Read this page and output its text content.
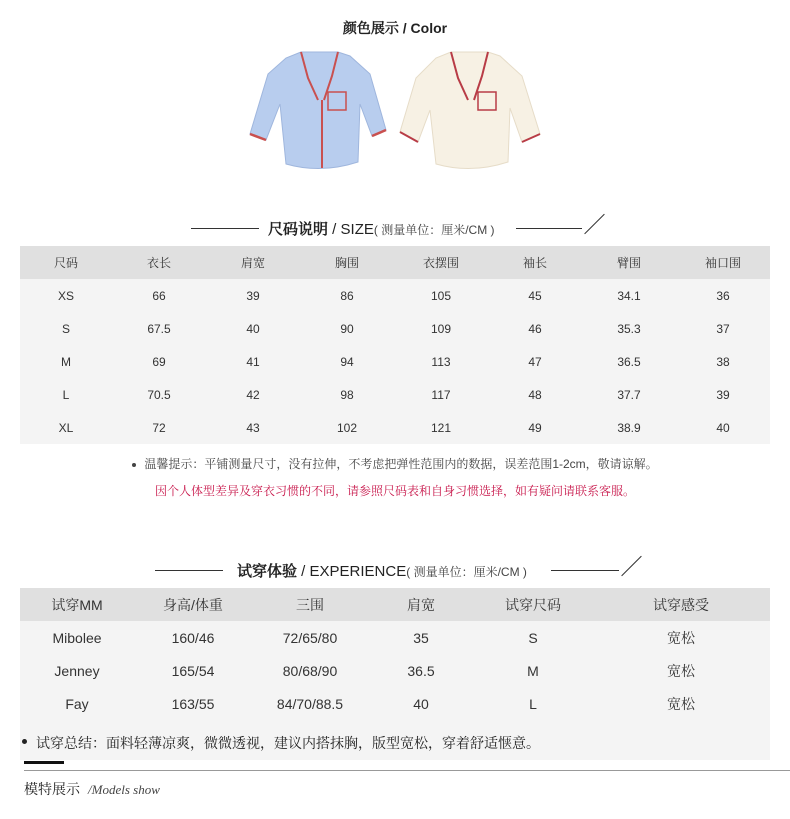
颜色展示 / Color
尺码说明 / SIZE( 测量单位：厘米/CM )
尺码	衣长	肩宽	胸围	衣摆围	袖长	臂围	袖口围
XS	66	39	86	105	45	34.1	36
S	67.5	40	90	109	46	35.3	37
M	69	41	94	113	47	36.5	38
L	70.5	42	98	117	48	37.7	39
XL	72	43	102	121	49	38.9	40
温馨提示：平铺测量尺寸，没有拉伸，不考虑把弹性范围内的数据，误差范围1-2cm，敬请谅解。
因个人体型差异及穿衣习惯的不同，请参照尺码表和自身习惯选择，如有疑问请联系客服。
试穿体验 / EXPERIENCE( 测量单位：厘米/CM )
试穿MM	身高/体重	三围	肩宽	试穿尺码	试穿感受
Mibolee	160/46	72/65/80	35	S	宽松
Jenney	165/54	80/68/90	36.5	M	宽松
Fay	163/55	84/70/88.5	40	L	宽松
试穿总结：面料轻薄凉爽，微微透视，建议内搭抹胸，版型宽松，穿着舒适惬意。
模特展示 /Models show
